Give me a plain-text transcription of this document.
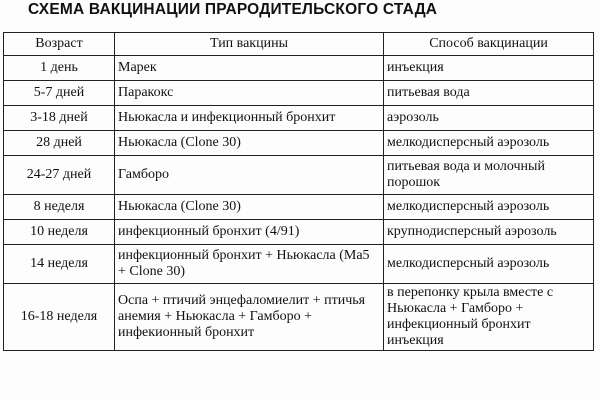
СХЕМА ВАКЦИНАЦИИ ПРАРОДИТЕЛЬСКОГО СТАДА
Возраст	Тип вакцины	Способ вакцинации
1 день	Марек	инъекция
5-7 дней	Паракокс	питьевая вода
3-18 дней	Ньюкасла и инфекционный бронхит	аэрозоль
28 дней	Ньюкасла (Clone 30)	мелкодисперсный аэрозоль
24-27 дней	Гамборо	питьевая вода и молочный порошок
8 неделя	Ньюкасла (Clone 30)	мелкодисперсный аэрозоль
10 неделя	инфекционный бронхит (4/91)	крупнодисперсный аэрозоль
14 неделя	инфекционный бронхит + Ньюкасла (Ma5 + Clone 30)	мелкодисперсный аэрозоль
16-18 неделя	Оспа + птичий энцефаломиелит + птичья анемия + Ньюкасла + Гамборо + инфекионный бронхит	в перепонку крыла вместе с Ньюкасла + Гамборо + инфекционный бронхит инъекция
